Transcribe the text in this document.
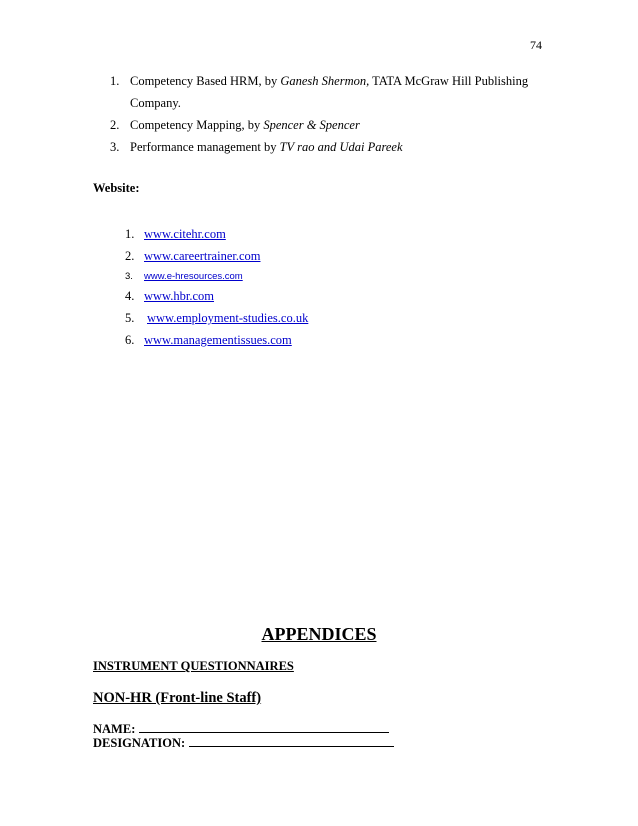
74
1. Competency Based HRM, by Ganesh Shermon, TATA McGraw Hill Publishing
Company.
2. Competency Mapping, by Spencer & Spencer
3. Performance management by TV rao and Udai Pareek
Website:
1. www.citehr.com
2. www.careertrainer.com
3. www.e-hresources.com
4. www.hbr.com
5. www.employment-studies.co.uk
6. www.managementissues.com
APPENDICES
INSTRUMENT QUESTIONNAIRES
NON-HR (Front-line Staff)
NAME:
DESIGNATION:
